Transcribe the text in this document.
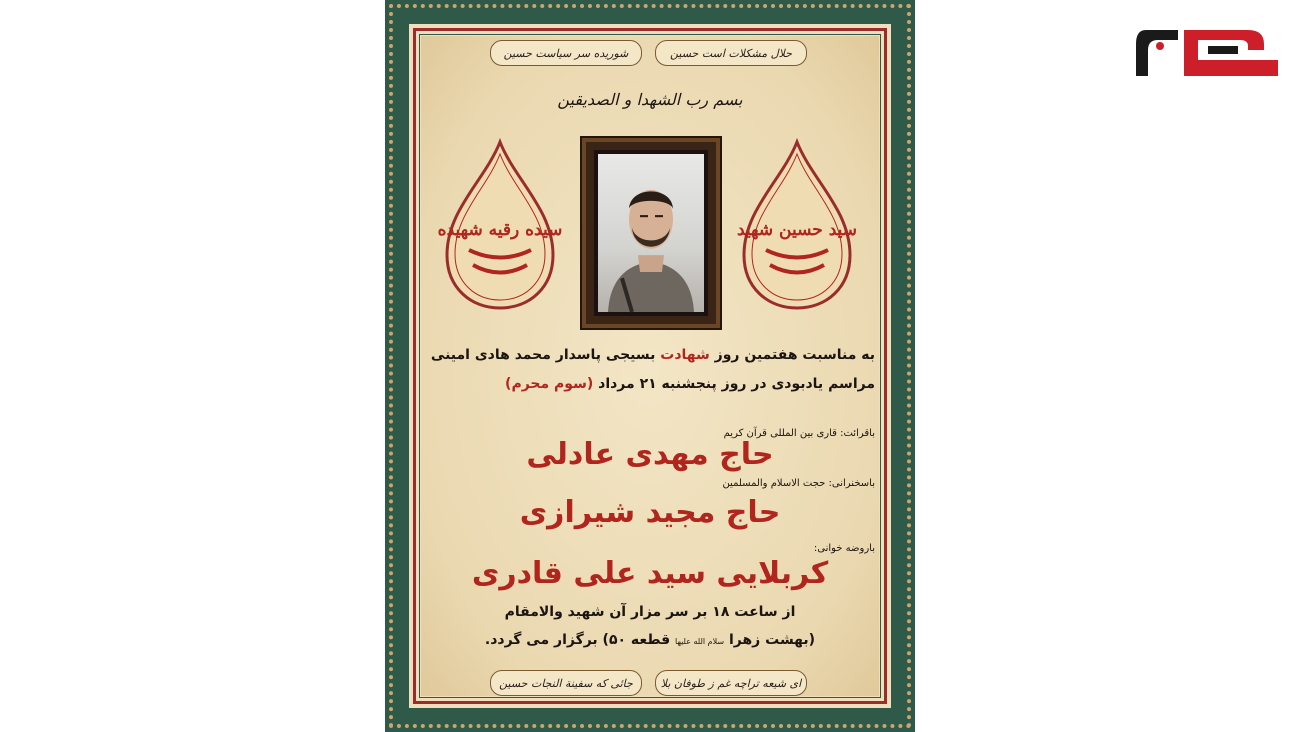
حلال مشکلات است حسین
شوریده سر سیاست حسین
بسم رب الشهدا و الصدیقین
سیده رقیه شهیده	سید حسین شهید
به مناسبت هفتمین روز شهادت بسیجی پاسدار محمد هادی امینی
مراسم یادبودی در روز پنجشنبه ۲۱ مرداد (سوم محرم)
باقرائت: قاری بین المللی قرآن کریم
حاج مهدی عادلی
باسخنرانی: حجت الاسلام والمسلمین
حاج مجید شیرازی
باروضه خوانی:
کربلایی سید علی قادری
از ساعت ۱۸ بر سر مزار آن شهید والامقام
(بهشت زهرا سلام الله علیها قطعه ۵۰) برگزار می گردد.
ای شیعه تراچه غم ز طوفان بلا
جائی که سفینة النجات حسین
